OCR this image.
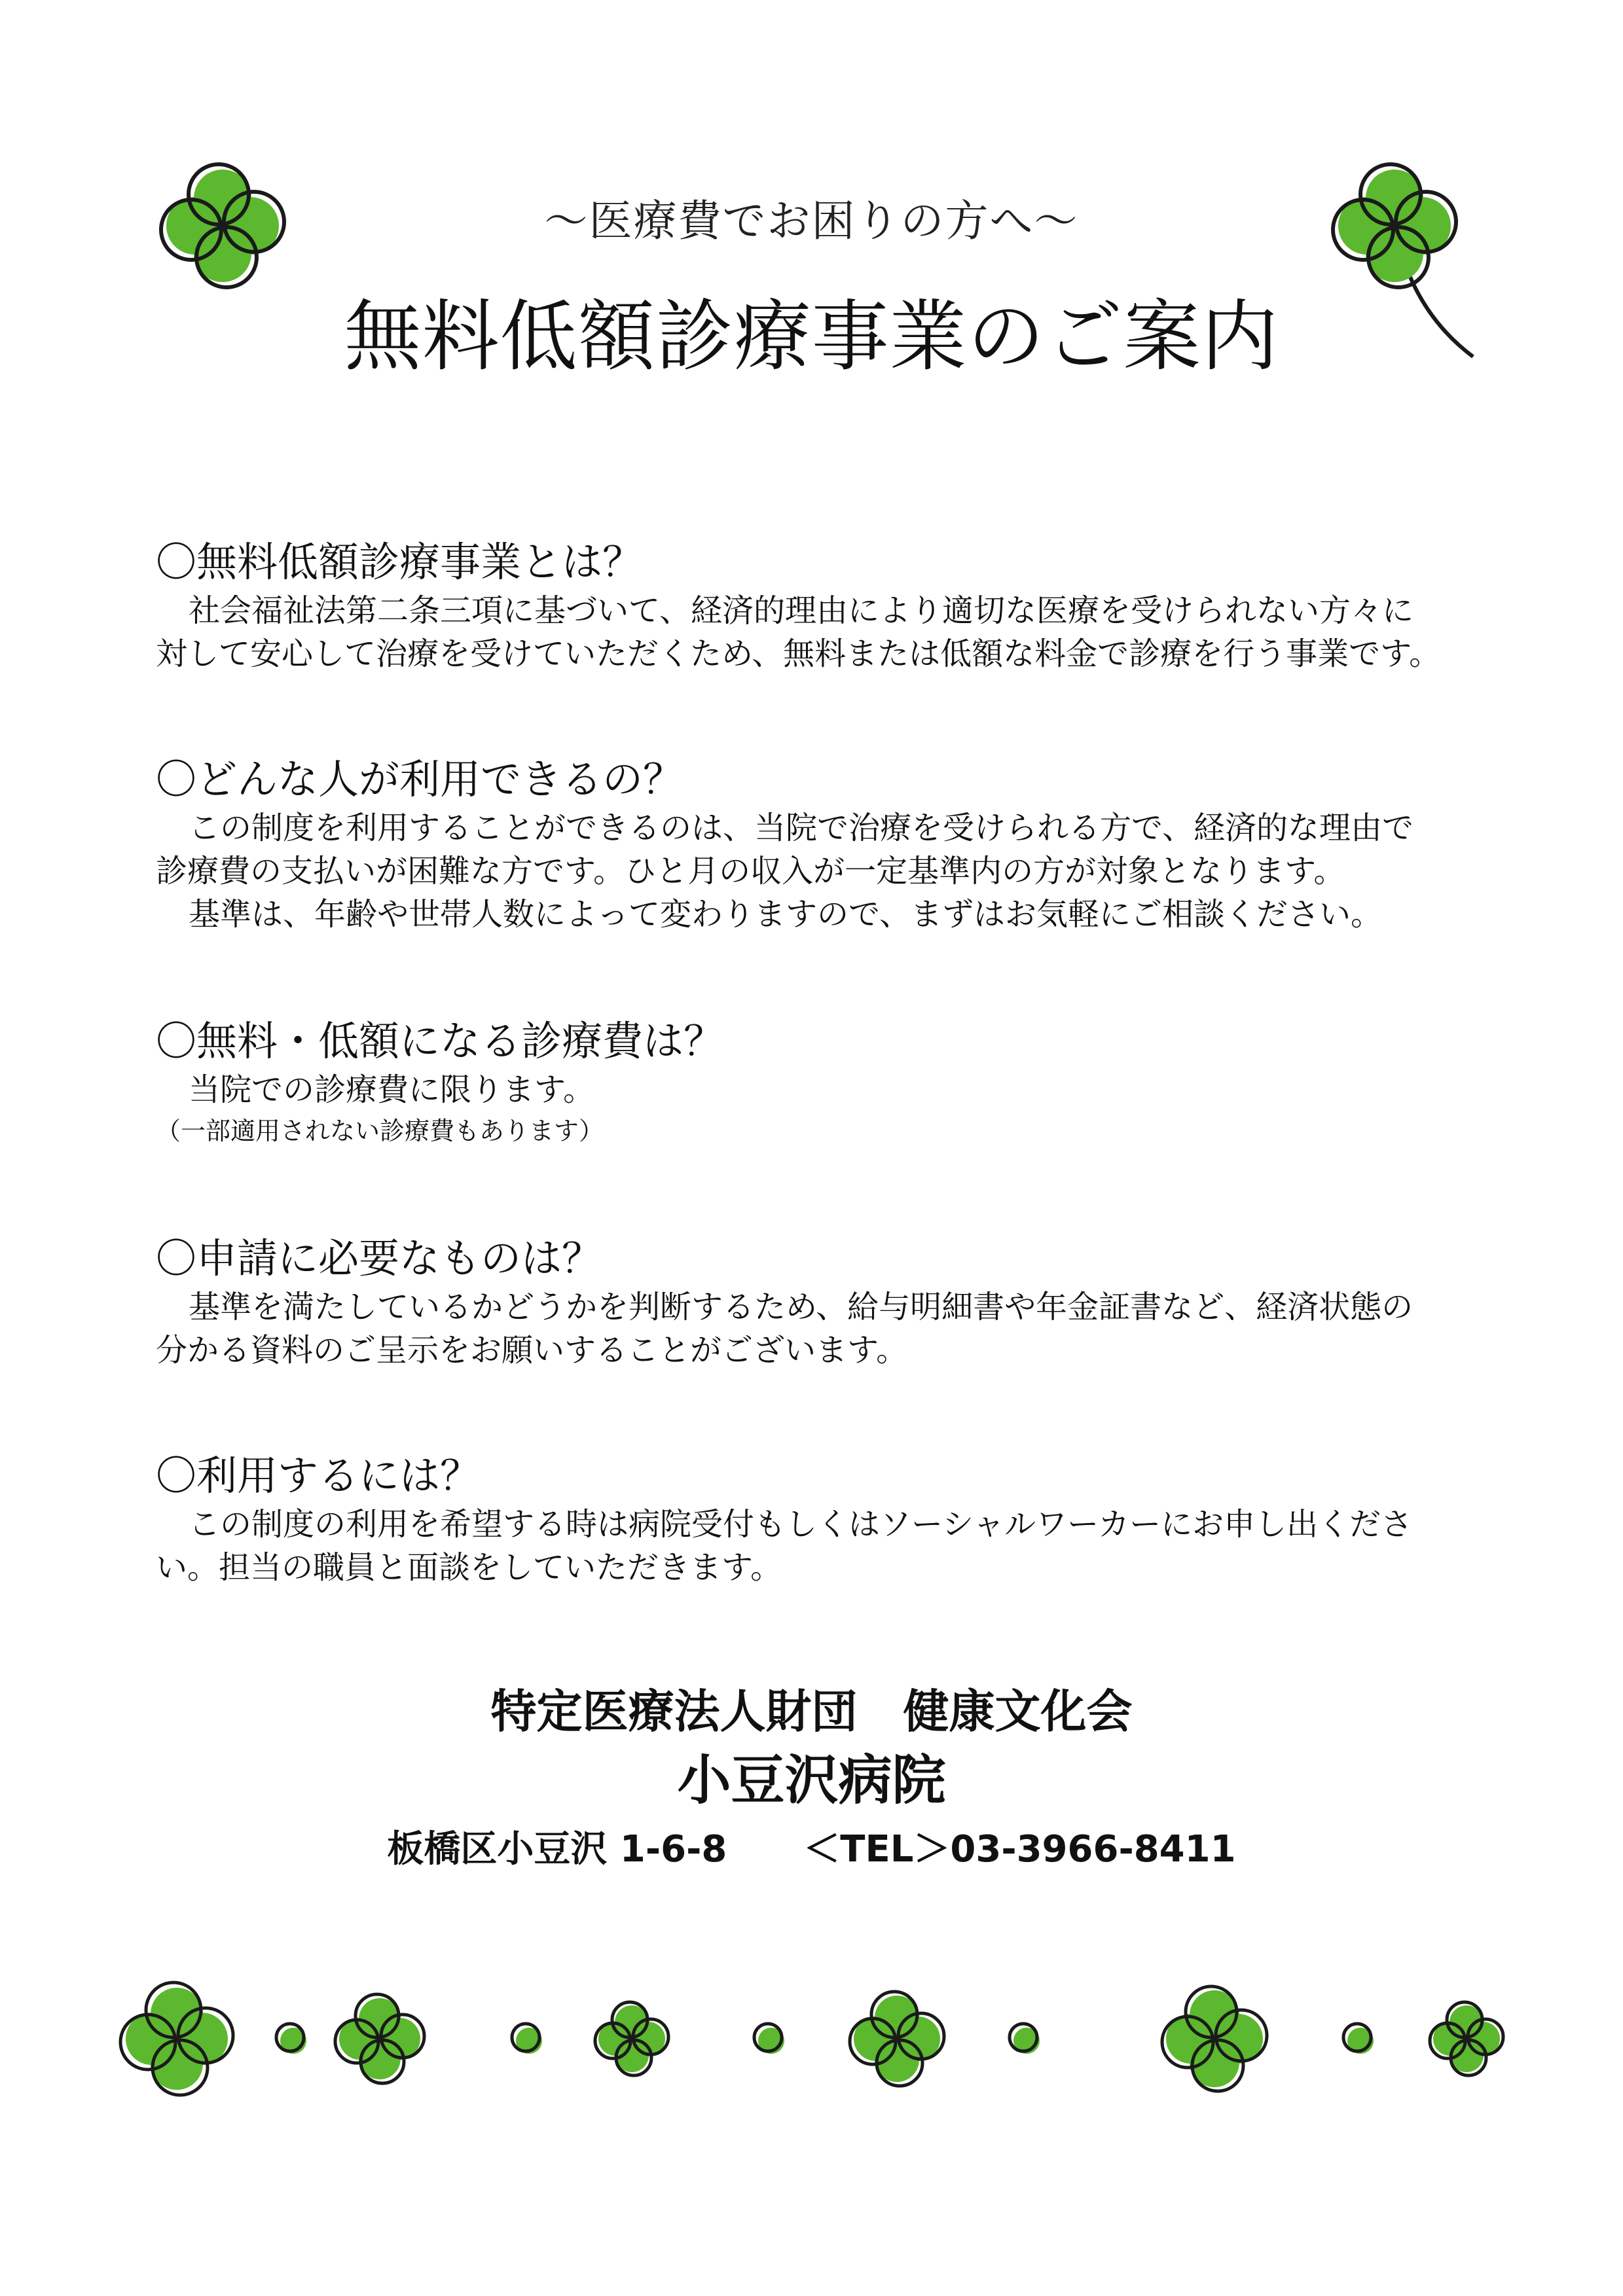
〜医療費でお困りの方へ〜
無料低額診療事業のご案内
〇無料低額診療事業とは？

社会福祉法第二条三項に基づいて、経済的理由により適切な医療を受けられない方々に

対して安心して治療を受けていただくため、無料または低額な料金で診療を行う事業です。

〇どんな人が利用できるの？

この制度を利用することができるのは、当院で治療を受けられる方で、経済的な理由で

診療費の支払いが困難な方です。ひと月の収入が一定基準内の方が対象となります。

基準は、年齢や世帯人数によって変わりますので、まずはお気軽にご相談ください。

〇無料・低額になる診療費は？

当院での診療費に限ります。

（一部適用されない診療費もあります）

〇申請に必要なものは？

基準を満たしているかどうかを判断するため、給与明細書や年金証書など、経済状態の

分かる資料のご呈示をお願いすることがございます。

〇利用するには？

この制度の利用を希望する時は病院受付もしくはソーシャルワーカーにお申し出くださ

い。担当の職員と面談をしていただきます。

特定医療法人財団　健康文化会
小豆沢病院
板橋区小豆沢 1-6-8 ＜TEL＞03-3966-8411
